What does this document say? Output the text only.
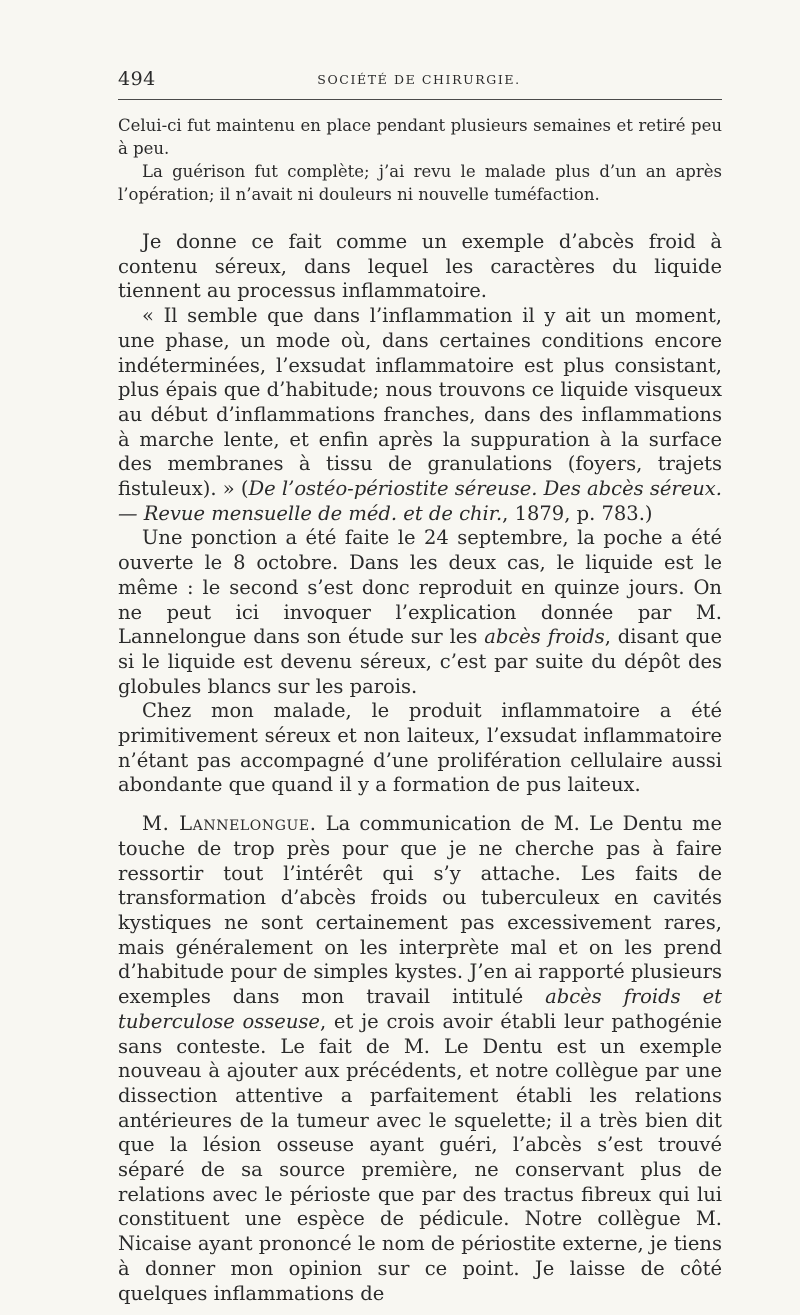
494	SOCIÉTÉ DE CHIRURGIE.

Celui-ci fut maintenu en place pendant plusieurs semaines et retiré peu à peu.

La guérison fut complète; j’ai revu le malade plus d’un an après l’opération; il n’avait ni douleurs ni nouvelle tuméfaction.

Je donne ce fait comme un exemple d’abcès froid à contenu séreux, dans lequel les caractères du liquide tiennent au processus inflammatoire.

« Il semble que dans l’inflammation il y ait un moment, une phase, un mode où, dans certaines conditions encore indéterminées, l’exsudat inflammatoire est plus consistant, plus épais que d’habitude; nous trouvons ce liquide visqueux au début d’inflammations franches, dans des inflammations à marche lente, et enfin après la suppuration à la surface des membranes à tissu de granulations (foyers, trajets fistuleux). » (De l’ostéo-périostite séreuse. Des abcès séreux. — Revue mensuelle de méd. et de chir., 1879, p. 783.)

Une ponction a été faite le 24 septembre, la poche a été ouverte le 8 octobre. Dans les deux cas, le liquide est le même : le second s’est donc reproduit en quinze jours. On ne peut ici invoquer l’explication donnée par M. Lannelongue dans son étude sur les abcès froids, disant que si le liquide est devenu séreux, c’est par suite du dépôt des globules blancs sur les parois.

Chez mon malade, le produit inflammatoire a été primitivement séreux et non laiteux, l’exsudat inflammatoire n’étant pas accompagné d’une prolifération cellulaire aussi abondante que quand il y a formation de pus laiteux.

M. Lannelongue. La communication de M. Le Dentu me touche de trop près pour que je ne cherche pas à faire ressortir tout l’intérêt qui s’y attache. Les faits de transformation d’abcès froids ou tuberculeux en cavités kystiques ne sont certainement pas excessivement rares, mais généralement on les interprète mal et on les prend d’habitude pour de simples kystes. J’en ai rapporté plusieurs exemples dans mon travail intitulé abcès froids et tuberculose osseuse, et je crois avoir établi leur pathogénie sans conteste. Le fait de M. Le Dentu est un exemple nouveau à ajouter aux précédents, et notre collègue par une dissection attentive a parfaitement établi les relations antérieures de la tumeur avec le squelette; il a très bien dit que la lésion osseuse ayant guéri, l’abcès s’est trouvé séparé de sa source première, ne conservant plus de relations avec le périoste que par des tractus fibreux qui lui constituent une espèce de pédicule. Notre collègue M. Nicaise ayant prononcé le nom de périostite externe, je tiens à donner mon opinion sur ce point. Je laisse de côté quelques inflammations de
